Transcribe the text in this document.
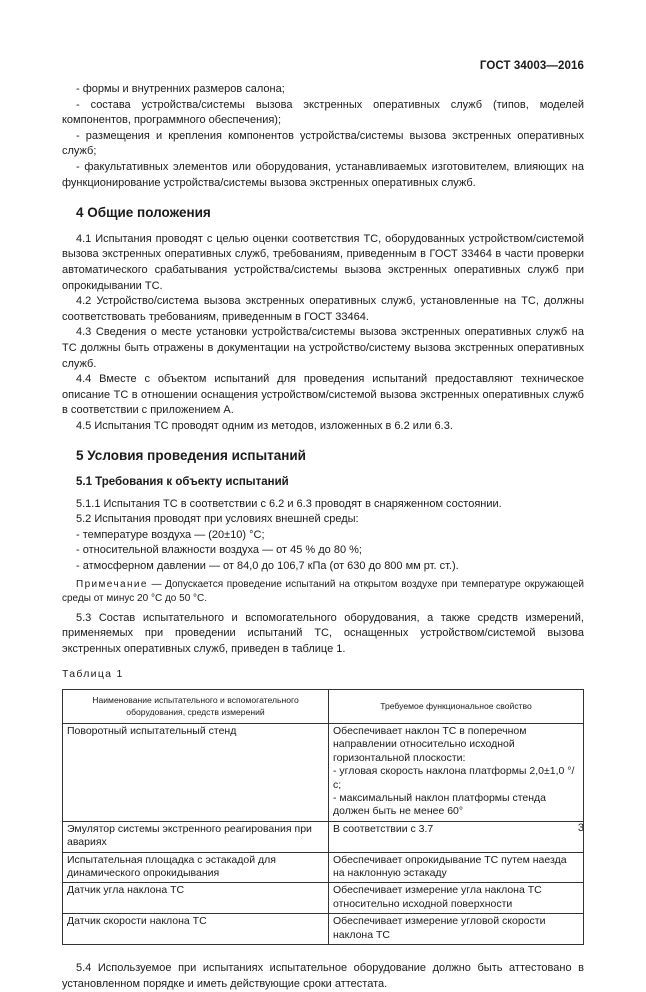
ГОСТ 34003—2016

- формы и внутренних размеров салона;

- состава устройства/системы вызова экстренных оперативных служб (типов, моделей компонентов, программного обеспечения);

- размещения и крепления компонентов устройства/системы вызова экстренных оперативных служб;

- факультативных элементов или оборудования, устанавливаемых изготовителем, влияющих на функционирование устройства/системы вызова экстренных оперативных служб.

4 Общие положения

4.1 Испытания проводят с целью оценки соответствия ТС, оборудованных устройством/системой вызова экстренных оперативных служб, требованиям, приведенным в ГОСТ 33464 в части проверки автоматического срабатывания устройства/системы вызова экстренных оперативных служб при опрокидывании ТС.

4.2 Устройство/система вызова экстренных оперативных служб, установленные на ТС, должны соответствовать требованиям, приведенным в ГОСТ 33464.

4.3 Сведения о месте установки устройства/системы вызова экстренных оперативных служб на ТС должны быть отражены в документации на устройство/систему вызова экстренных оперативных служб.

4.4 Вместе с объектом испытаний для проведения испытаний предоставляют техническое описание ТС в отношении оснащения устройством/системой вызова экстренных оперативных служб в соответствии с приложением А.

4.5 Испытания ТС проводят одним из методов, изложенных в 6.2 или 6.3.

5 Условия проведения испытаний
5.1 Требования к объекту испытаний

5.1.1 Испытания ТС в соответствии с 6.2 и 6.3 проводят в снаряженном состоянии.

5.2 Испытания проводят при условиях внешней среды:

- температуре воздуха — (20±10) °С;

- относительной влажности воздуха — от 45 % до 80 %;

- атмосферном давлении — от 84,0 до 106,7 кПа (от 630 до 800 мм рт. ст.).

Примечание — Допускается проведение испытаний на открытом воздухе при температуре окружающей среды от минус 20 °С до 50 °С.

5.3 Состав испытательного и вспомогательного оборудования, а также средств измерений, применяемых при проведении испытаний ТС, оснащенных устройством/системой вызова экстренных оперативных служб, приведен в таблице 1.

Таблица 1

Наименование испытательного и вспомогательного оборудования, средств измерений	Требуемое функциональное свойство
Поворотный испытательный стенд	Обеспечивает наклон ТС в поперечном направлении относительно исходной горизонтальной плоскости:
- угловая скорость наклона платформы 2,0±1,0 °/с;
- максимальный наклон платформы стенда должен быть не менее 60°
Эмулятор системы экстренного реагирования при авариях	В соответствии с 3.7
Испытательная площадка с эстакадой для динамического опрокидывания	Обеспечивает опрокидывание ТС путем наезда на наклонную эстакаду
Датчик угла наклона ТС	Обеспечивает измерение угла наклона ТС относительно исходной поверхности
Датчик скорости наклона ТС	Обеспечивает измерение угловой скорости наклона ТС

5.4 Используемое при испытаниях испытательное оборудование должно быть аттестовано в установленном порядке и иметь действующие сроки аттестата.

3
